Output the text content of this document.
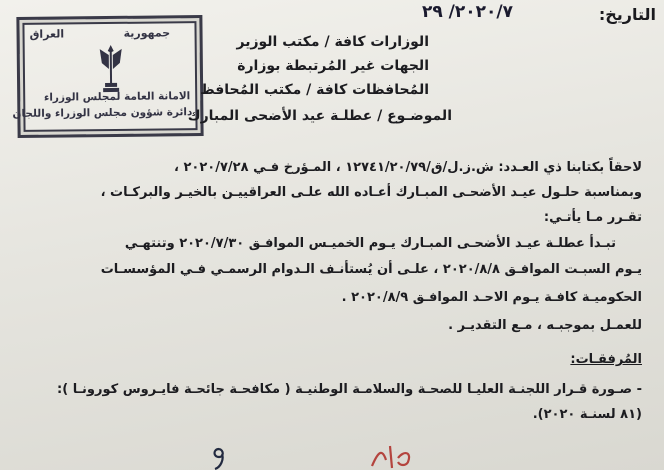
التاريخ:
٢٠٢٠/٧/ ٢٩
العراق	جمهورية
الامانة العامة لمجلس الوزراء
دائرة شؤون مجلس الوزراء واللجان
الوزارات كافة / مكتب الوزير
الجهات غير المُرتبطة بوزارة
المُحافظات كافة / مكتب المُحافظ
الموضـوع / عطلـة عيد الأضحى المبارك
لاحقاً بكتابنا ذي العـدد: ش.ز.ل/ق/١٢٧٤١/٢٠/٧٩ ، المـؤرخ فـي ٢٠٢٠/٧/٢٨ ،
وبمناسبة حلـول عيـد الأضحـى المبـارك أعـاده الله علـى العراقييـن بالخيـر والبركـات ،
تقـرر مـا يأتـي:
تبـدأ عطلـة عيـد الأضحـى المبـارك يـوم الخميـس الموافـق ٢٠٢٠/٧/٣٠ وتنتهـي
يـوم السبـت الموافـق ٢٠٢٠/٨/٨ ، علـى أن يُستأنـف الـدوام الرسمـي فـي المؤسسـات
الحكوميـة كافـة يـوم الاحـد الموافـق ٢٠٢٠/٨/٩ .
للعمـل بموجبـه ، مـع التقديـر .
المُرفقـات:
- صـورة قـرار اللجنـة العليـا للصحـة والسلامـة الوطنيـة ( مكافحـة جائحـة فايـروس كورونـا ):
(٨١ لسنـة ٢٠٢٠).
